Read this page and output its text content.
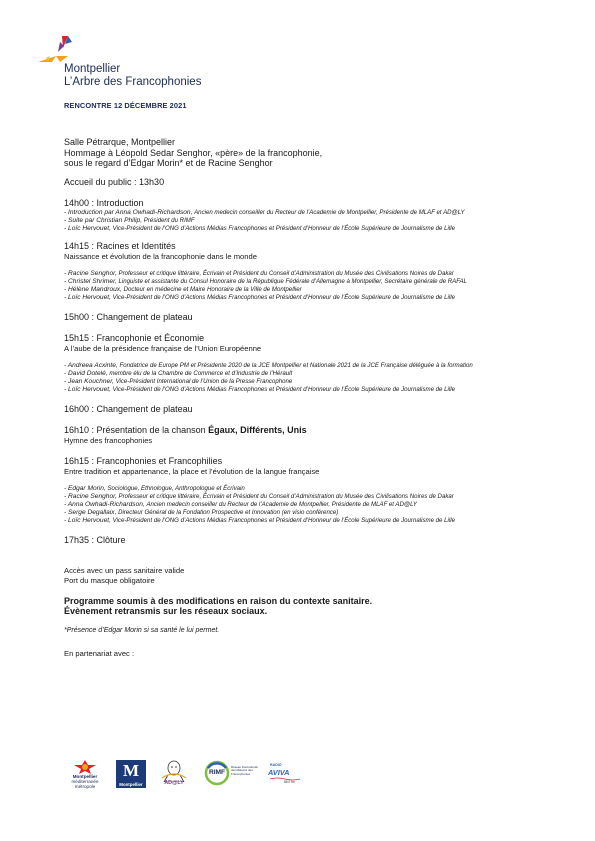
Montpellier
L’Arbre des Francophonies
RENCONTRE 12 DÉCEMBRE 2021

Salle Pétrarque, Montpellier

Hommage à Léopold Sedar Senghor, «père» de la francophonie,

sous le regard d’Edgar Morin* et de Racine Senghor

Accueil du public : 13h30

14h00 : Introduction

- Introduction par Anna Owhadi-Richardson, Ancien medecin conseiller du Recteur de l’Academie de Montpellier, Présidente de MLAF et AD@LY

- Suite par Christian Philip, Président du RIMF

- Loïc Hervouet, Vice-Président de l’ONG d’Actions Médias Francophones et Président d’Honneur de l’École Supérieure de Journalisme de Lille

14h15 : Racines et Identités

Naissance et évolution de la francophonie dans le monde

- Racine Senghor, Professeur et critique littéraire, Écrivain et Président du Conseil d’Administration du Musée des Civilisations Noires de Dakar

- Christel Shrimer, Linguiste et assistante du Consul Honoraire de la République Fédérale d’Allemagne à Montpellier, Secrétaire générale de RAFAL

- Hélène Mandroux, Docteur en médecine et Maire Honoraire de la Ville de Montpellier

- Loïc Hervouet, Vice-Président de l’ONG d’Actions Médias Francophones et Président d’Honneur de l’École Supérieure de Journalisme de Lille

15h00 : Changement de plateau

15h15 : Francophonie et Économie

A l’aube de la présidence française de l’Union Européenne

- Andreea Acxinte, Fondatrice de Europe PM et Présidente 2020 de la JCE Montpellier et Nationale 2021 de la JCE Française déléguée à la formation

- David Dotelé, membre élu de la Chambre de Commerce et d’Industrie de l’Hérault

- Jean Kouchner, Vice-Président International de l’Union de la Presse Francophone

- Loïc Hervouet, Vice-Président de l’ONG d’Actions Médias Francophones et Président d’Honneur de l’École Supérieure de Journalisme de Lille

16h00 : Changement de plateau

16h10 : Présentation de la chanson Égaux, Différents, Unis

Hymne des francophonies

16h15 : Francophonies et Francophilies

Entre tradition et appartenance, la place et l’évolution de la langue française

- Edgar Morin, Sociologue, Ethnologue, Anthropologue et Écrivain

- Racine Senghor, Professeur et critique littéraire, Écrivain et Président du Conseil d’Administration du Musée des Civilisations Noires de Dakar

- Anna Owhadi-Richardson, Ancien medecin conseiller du Recteur de l’Academie de Montpellier, Présidente de MLAF et AD@LY

- Serge Degallaix, Directeur Général de la Fondation Prospective et Innovation (en visio conférence)

- Loïc Hervouet, Vice-Président de l’ONG d’Actions Médias Francophones et Président d’Honneur de l’École Supérieure de Journalisme de Lille

17h35 : Clôture

Accès avec un pass sanitaire valide

Port du masque obligatoire

Programme soumis à des modifications en raison du contexte sanitaire.

Évènement retransmis sur les réseaux sociaux.

*Présence d’Edgar Morin si sa santé le lui permet.

En partenariat avec :

Montpellier
méditerranée métropole
M
Montpellier	AD@LY
RIMF
Réseau International des Maisons des Francophonies
RADIO
AVIVA
88.0 fm
